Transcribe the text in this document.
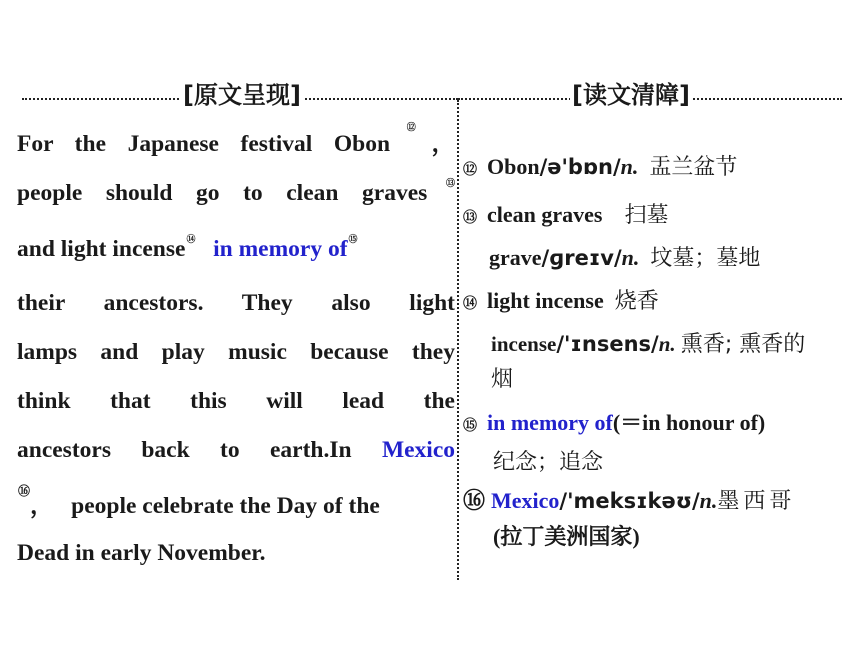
[原文呈现]	[读文清障]
For the Japanese festival Obon⑫，
people should go to clean graves⑬
and light incense⑭ in memory of⑮
their ancestors. They also light
lamps and play music because they
think that this will lead the
ancestors back to earth.In Mexico
⑯， people celebrate the Day of the
Dead in early November.
⑫ Obon/ə'bɒn/n. 盂兰盆节
⑬ clean graves 扫墓
grave/ɡreɪv/n. 坟墓；墓地
⑭ light incense 烧香
incense/'ɪnsens/n. 熏香; 熏香的
烟
⑮ in memory of(＝in honour of)
纪念；追念
⑯ Mexico/'meksɪkəʊ/n.墨西哥
(拉丁美洲国家)
